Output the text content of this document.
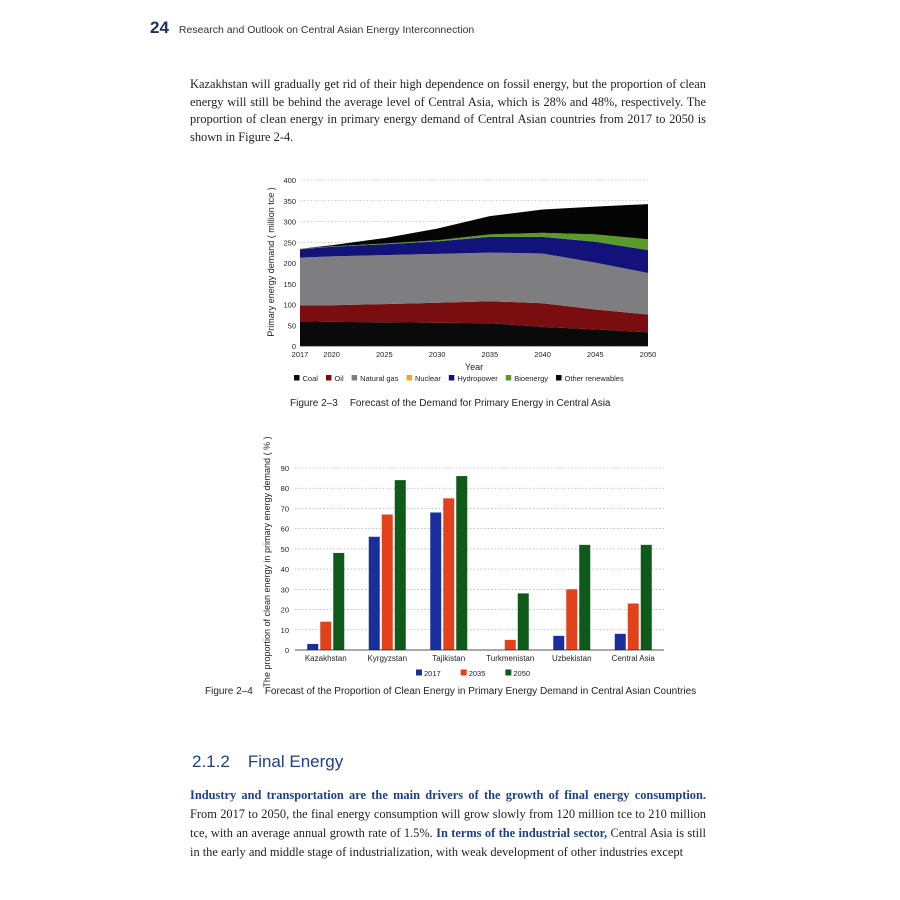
24 Research and Outlook on Central Asian Energy Interconnection

Kazakhstan will gradually get rid of their high dependence on fossil energy, but the proportion of clean energy will still be behind the average level of Central Asia, which is 28% and 48%, respectively. The proportion of clean energy in primary energy demand of Central Asian countries from 2017 to 2050 is shown in Figure 2-4.

Primary energy demand ( million tce )
Year
0
50
100
150
200
250
300
350
400
2017 2020	2025	2030	2035	2040	2045	2050
Coal Oil Natural gas Nuclear Hydropower Bioenergy Other renewables
Figure 2–3 Forecast of the Demand for Primary Energy in Central Asia
The proportion of clean energy in primary energy demand ( % ) 0
10
20
30
40
50
60
70
80
90
Kazakhstan	Kyrgyzstan	Tajikistan	Turkmenistan Uzbekistan	Central Asia
2017	2035	2050
Figure 2–4 Forecast of the Proportion of Clean Energy in Primary Energy Demand in Central Asian Countries
2.1.2 Final Energy

Industry and transportation are the main drivers of the growth of final energy consumption. From 2017 to 2050, the final energy consumption will grow slowly from 120 million tce to 210 million tce, with an average annual growth rate of 1.5%. In terms of the industrial sector, Central Asia is still in the early and middle stage of industrialization, with weak development of other industries except
